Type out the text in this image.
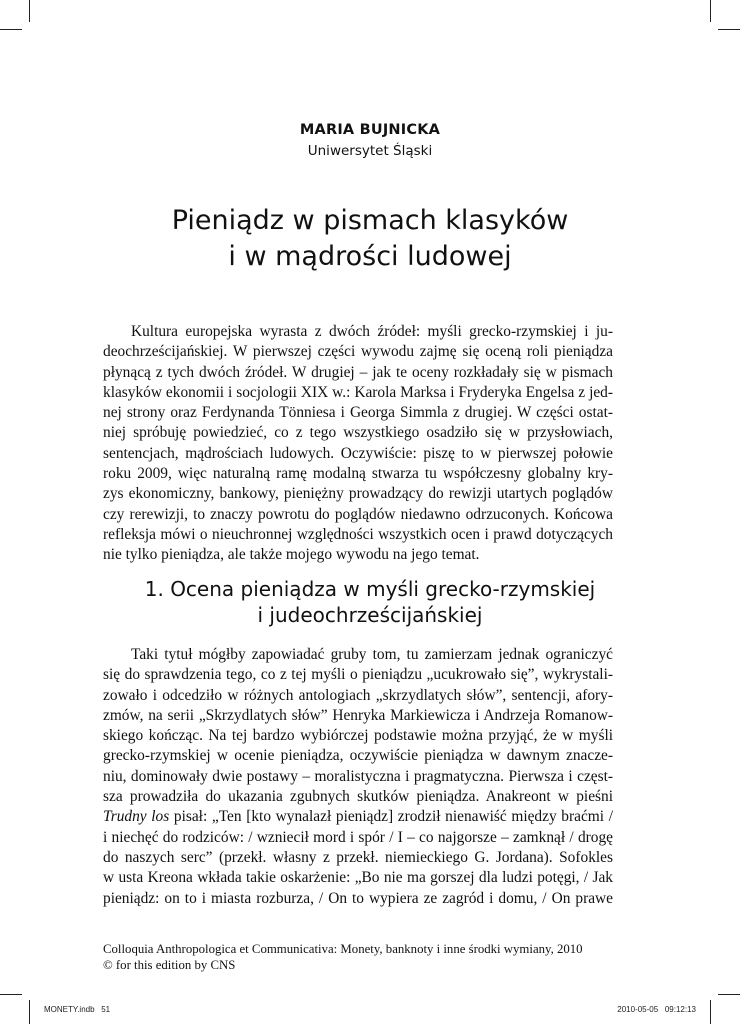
MARIA BUJNICKA
Uniwersytet Śląski
Pieniądz w pismach klasyków
i w mądrości ludowej
Kultura europejska wyrasta z dwóch źródeł: myśli grecko-rzymskiej i ju-
deochrześcijańskiej. W pierwszej części wywodu zajmę się oceną roli pieniądza
płynącą z tych dwóch źródeł. W drugiej – jak te oceny rozkładały się w pismach
klasyków ekonomii i socjologii XIX w.: Karola Marksa i Fryderyka Engelsa z jed-
nej strony oraz Ferdynanda Tönniesa i Georga Simmla z drugiej. W części ostat-
niej spróbuję powiedzieć, co z tego wszystkiego osadziło się w przysłowiach,
sentencjach, mądrościach ludowych. Oczywiście: piszę to w pierwszej połowie
roku 2009, więc naturalną ramę modalną stwarza tu współczesny globalny kry-
zys ekonomiczny, bankowy, pieniężny prowadzący do rewizji utartych poglądów
czy rerewizji, to znaczy powrotu do poglądów niedawno odrzuconych. Końcowa
refleksja mówi o nieuchronnej względności wszystkich ocen i prawd dotyczących
nie tylko pieniądza, ale także mojego wywodu na jego temat.
1. Ocena pieniądza w myśli grecko-rzymskiej
i judeochrześcijańskiej
Taki tytuł mógłby zapowiadać gruby tom, tu zamierzam jednak ograniczyć
się do sprawdzenia tego, co z tej myśli o pieniądzu „ucukrowało się”, wykrystali-
zowało i odcedziło w różnych antologiach „skrzydlatych słów”, sentencji, afory-
zmów, na serii „Skrzydlatych słów” Henryka Markiewicza i Andrzeja Romanow-
skiego kończąc. Na tej bardzo wybiórczej podstawie można przyjąć, że w myśli
grecko-rzymskiej w ocenie pieniądza, oczywiście pieniądza w dawnym znacze-
niu, dominowały dwie postawy – moralistyczna i pragmatyczna. Pierwsza i częst-
sza prowadziła do ukazania zgubnych skutków pieniądza. Anakreont w pieśni
Trudny los pisał: „Ten [kto wynalazł pieniądz] zrodził nienawiść między braćmi /
i niechęć do rodziców: / wzniecił mord i spór / I – co najgorsze – zamknął / drogę
do naszych serc” (przekł. własny z przekł. niemieckiego G. Jordana). Sofokles
w usta Kreona wkłada takie oskarżenie: „Bo nie ma gorszej dla ludzi potęgi, / Jak
pieniądz: on to i miasta rozburza, / On to wypiera ze zagród i domu, / On prawe
Colloquia Anthropologica et Communicativa: Monety, banknoty i inne środki wymiany, 2010
© for this edition by CNS
MONETY.indb   51	2010-05-05   09:12:13
